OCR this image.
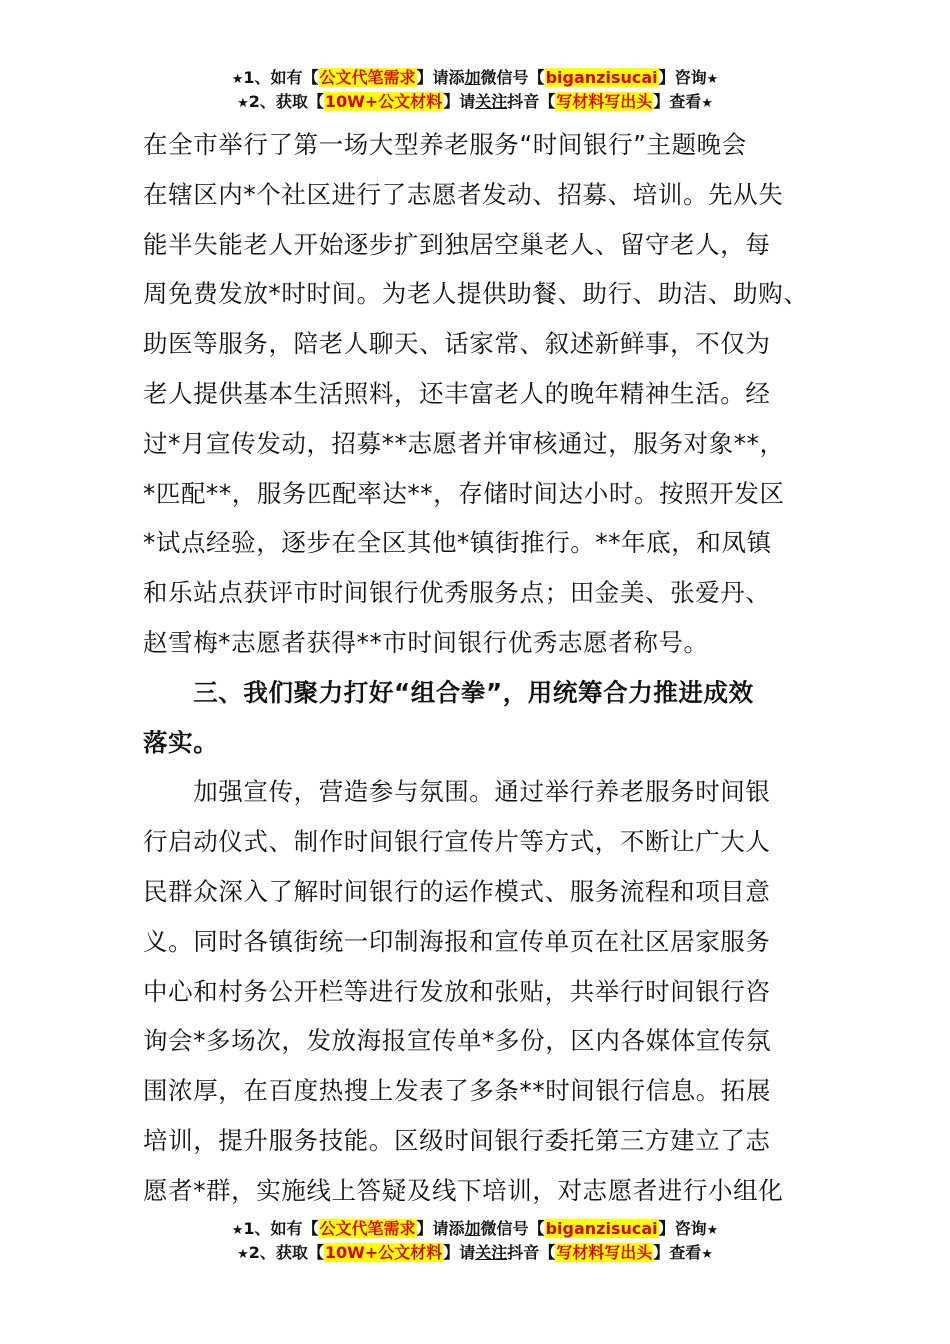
★1、如有【公文代笔需求】请添加微信号【biganzisucai】咨询★
★2、获取【10W+公文材料】请关注抖音【写材料写出头】查看★
在全市举行了第一场大型养老服务“时间银行”主题晚会
在辖区内*个社区进行了志愿者发动、招募、培训。先从失
能半失能老人开始逐步扩到独居空巢老人、留守老人，每
周免费发放*时时间。为老人提供助餐、助行、助洁、助购、
助医等服务，陪老人聊天、话家常、叙述新鲜事，不仅为
老人提供基本生活照料，还丰富老人的晚年精神生活。经
过*月宣传发动，招募**志愿者并审核通过，服务对象**，
*匹配**，服务匹配率达**，存储时间达小时。按照开发区
*试点经验，逐步在全区其他*镇街推行。**年底，和凤镇
和乐站点获评市时间银行优秀服务点；田金美、张爱丹、
赵雪梅*志愿者获得**市时间银行优秀志愿者称号。
　　三、我们聚力打好“组合拳”，用统筹合力推进成效
落实。
　　加强宣传，营造参与氛围。通过举行养老服务时间银
行启动仪式、制作时间银行宣传片等方式，不断让广大人
民群众深入了解时间银行的运作模式、服务流程和项目意
义。同时各镇街统一印制海报和宣传单页在社区居家服务
中心和村务公开栏等进行发放和张贴，共举行时间银行咨
询会*多场次，发放海报宣传单*多份，区内各媒体宣传氛
围浓厚，在百度热搜上发表了多条**时间银行信息。拓展
培训，提升服务技能。区级时间银行委托第三方建立了志
愿者*群，实施线上答疑及线下培训，对志愿者进行小组化
★1、如有【公文代笔需求】请添加微信号【biganzisucai】咨询★
★2、获取【10W+公文材料】请关注抖音【写材料写出头】查看★
